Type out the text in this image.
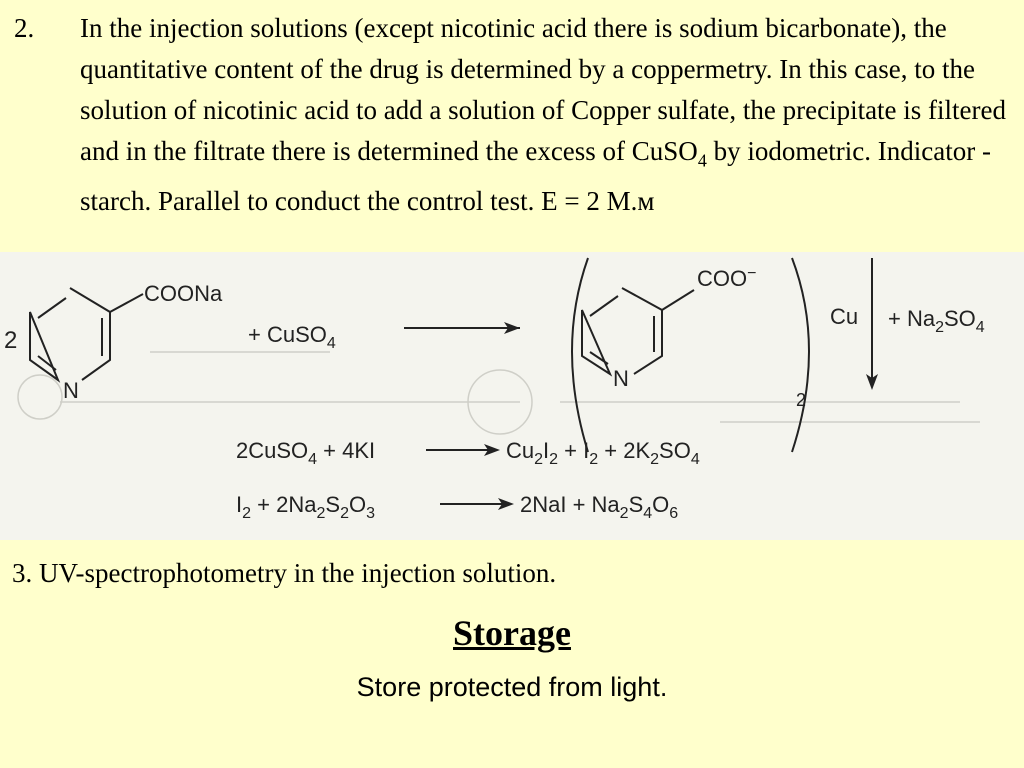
2. In the injection solutions (except nicotinic acid there is sodium bicarbonate), the quantitative content of the drug is determined by a coppermetry. In this case, to the solution of nicotinic acid to add a solution of Copper sulfate, the precipitate is filtered and in the filtrate there is determined the excess of CuSO$_4$ by iodometric. Indicator - starch. Parallel to conduct the control test. E = 2 M.м
2
COONa
N
+ CuSO$_4$
COO−
N
2
$Cu + Na_2SO_4$
2CuSO$_4$ + 4KI	$Cu_2I_2 + I_2 + 2K_2SO_4$
$I_2 + 2Na_2S_2O_3$	$2NaI + Na_2S_4O_6$
3. UV-spectrophotometry in the injection solution.
Storage
Store protected from light.
